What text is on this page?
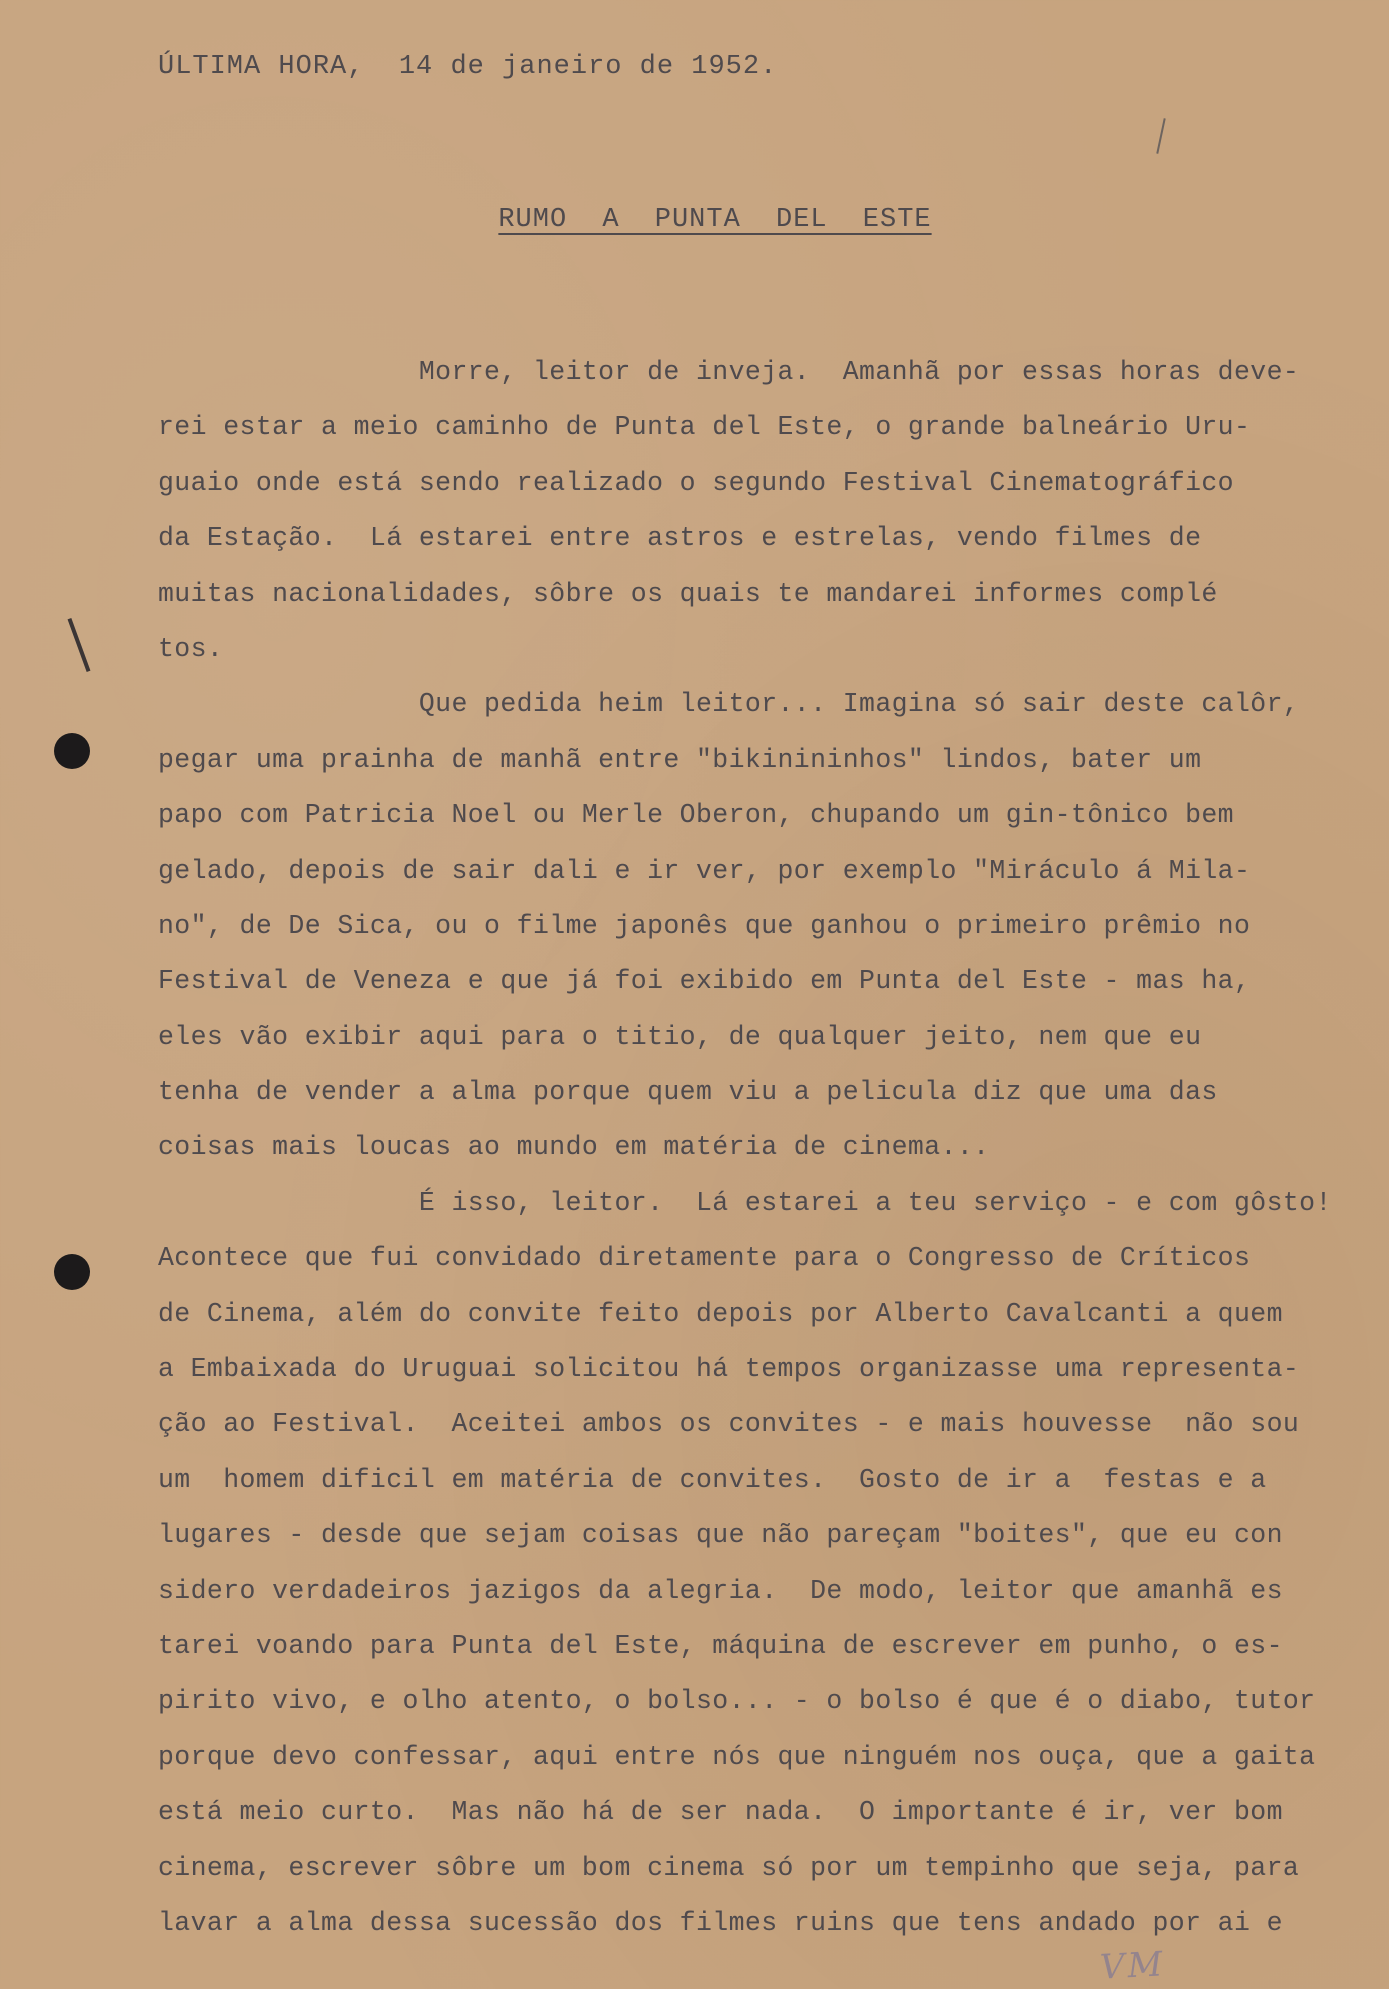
ÚLTIMA HORA,  14 de janeiro de 1952.
RUMO A PUNTA DEL ESTE
Morre, leitor de inveja.  Amanhã por essas horas deve-
rei estar a meio caminho de Punta del Este, o grande balneário Uru-
guaio onde está sendo realizado o segundo Festival Cinematográfico
da Estação.  Lá estarei entre astros e estrelas, vendo filmes de
muitas nacionalidades, sôbre os quais te mandarei informes complé
tos.
Que pedida heim leitor... Imagina só sair deste calôr,
pegar uma prainha de manhã entre "bikinininhos" lindos, bater um
papo com Patricia Noel ou Merle Oberon, chupando um gin-tônico bem
gelado, depois de sair dali e ir ver, por exemplo "Miráculo á Mila-
no", de De Sica, ou o filme japonês que ganhou o primeiro prêmio no
Festival de Veneza e que já foi exibido em Punta del Este - mas ha,
eles vão exibir aqui para o titio, de qualquer jeito, nem que eu
tenha de vender a alma porque quem viu a pelicula diz que uma das
coisas mais loucas ao mundo em matéria de cinema...
É isso, leitor.  Lá estarei a teu serviço - e com gôsto!
Acontece que fui convidado diretamente para o Congresso de Críticos
de Cinema, além do convite feito depois por Alberto Cavalcanti a quem
a Embaixada do Uruguai solicitou há tempos organizasse uma representa-
ção ao Festival.  Aceitei ambos os convites - e mais houvesse  não sou
um  homem dificil em matéria de convites.  Gosto de ir a  festas e a
lugares - desde que sejam coisas que não pareçam "boites", que eu con
sidero verdadeiros jazigos da alegria.  De modo, leitor que amanhã es
tarei voando para Punta del Este, máquina de escrever em punho, o es-
pirito vivo, e olho atento, o bolso... - o bolso é que é o diabo, tutor
porque devo confessar, aqui entre nós que ninguém nos ouça, que a gaita
está meio curto.  Mas não há de ser nada.  O importante é ir, ver bom
cinema, escrever sôbre um bom cinema só por um tempinho que seja, para
lavar a alma dessa sucessão dos filmes ruins que tens andado por ai e
VM
